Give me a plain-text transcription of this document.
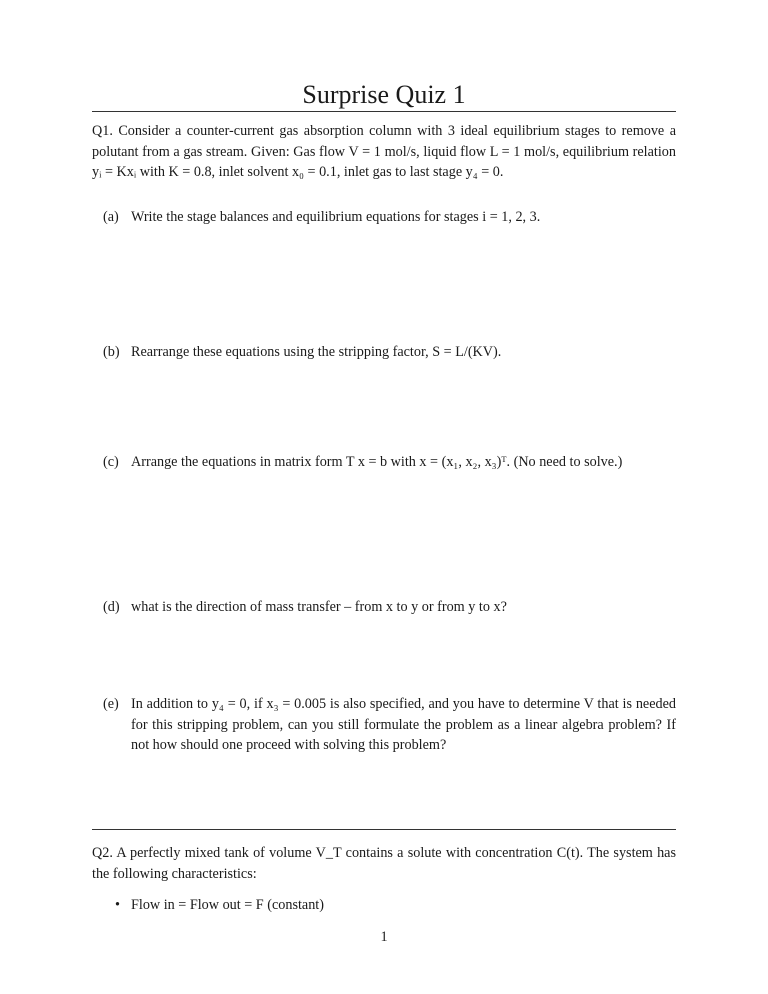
Surprise Quiz 1
Q1. Consider a counter-current gas absorption column with 3 ideal equilibrium stages to remove a polutant from a gas stream. Given: Gas flow V = 1 mol/s, liquid flow L = 1 mol/s, equilibrium relation yᵢ = Kxᵢ with K = 0.8, inlet solvent x₀ = 0.1, inlet gas to last stage y₄ = 0.
(a) Write the stage balances and equilibrium equations for stages i = 1, 2, 3.
(b) Rearrange these equations using the stripping factor, S = L/(KV).
(c) Arrange the equations in matrix form T x = b with x = (x₁, x₂, x₃)ᵀ. (No need to solve.)
(d) what is the direction of mass transfer – from x to y or from y to x?
(e) In addition to y₄ = 0, if x₃ = 0.005 is also specified, and you have to determine V that is needed for this stripping problem, can you still formulate the problem as a linear algebra problem? If not how should one proceed with solving this problem?
Q2. A perfectly mixed tank of volume V_T contains a solute with concentration C(t). The system has the following characteristics:
• Flow in = Flow out = F (constant)
1
